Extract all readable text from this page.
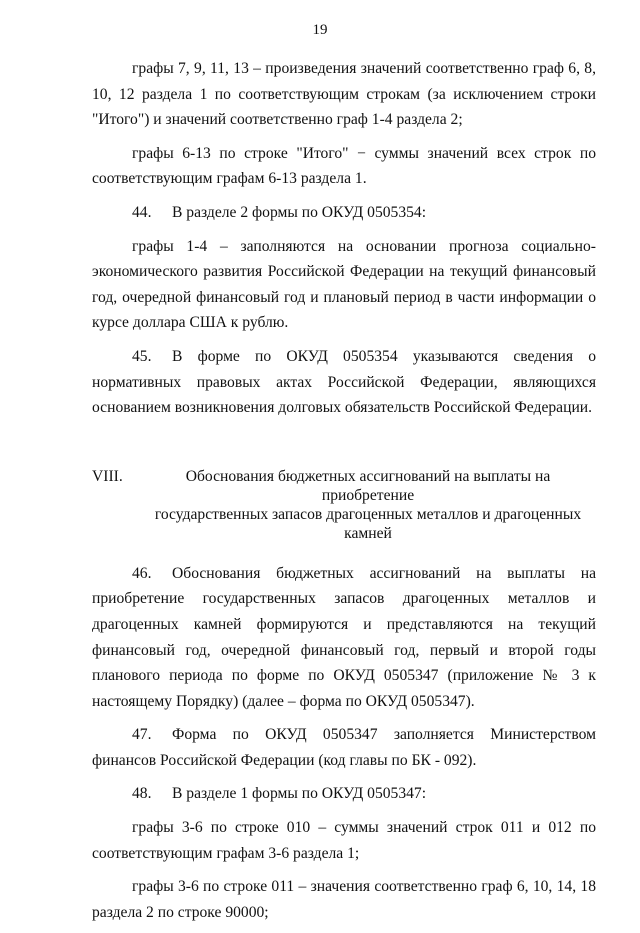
19

графы 7, 9, 11, 13 – произведения значений соответственно граф 6, 8, 10, 12 раздела 1 по соответствующим строкам (за исключением строки "Итого") и значений соответственно граф 1-4 раздела 2;

графы 6-13 по строке "Итого" − суммы значений всех строк по соответствующим графам 6-13 раздела 1.

44. В разделе 2 формы по ОКУД 0505354:

графы 1-4 – заполняются на основании прогноза социально-экономического развития Российской Федерации на текущий финансовый год, очередной финансовый год и плановый период в части информации о курсе доллара США к рублю.

45. В форме по ОКУД 0505354 указываются сведения о нормативных правовых актах Российской Федерации, являющихся основанием возникновения долговых обязательств Российской Федерации.

VIII.	Обоснования бюджетных ассигнований на выплаты на приобретение
государственных запасов драгоценных металлов и драгоценных камней

46. Обоснования бюджетных ассигнований на выплаты на приобретение государственных запасов драгоценных металлов и драгоценных камней формируются и представляются на текущий финансовый год, очередной финансовый год, первый и второй годы планового периода по форме по ОКУД 0505347 (приложение № 3 к настоящему Порядку) (далее – форма по ОКУД 0505347).

47. Форма по ОКУД 0505347 заполняется Министерством финансов Российской Федерации (код главы по БК - 092).

48. В разделе 1 формы по ОКУД 0505347:

графы 3-6 по строке 010 – суммы значений строк 011 и 012 по соответствующим графам 3-6 раздела 1;

графы 3-6 по строке 011 – значения соответственно граф 6, 10, 14, 18 раздела 2 по строке 90000;
